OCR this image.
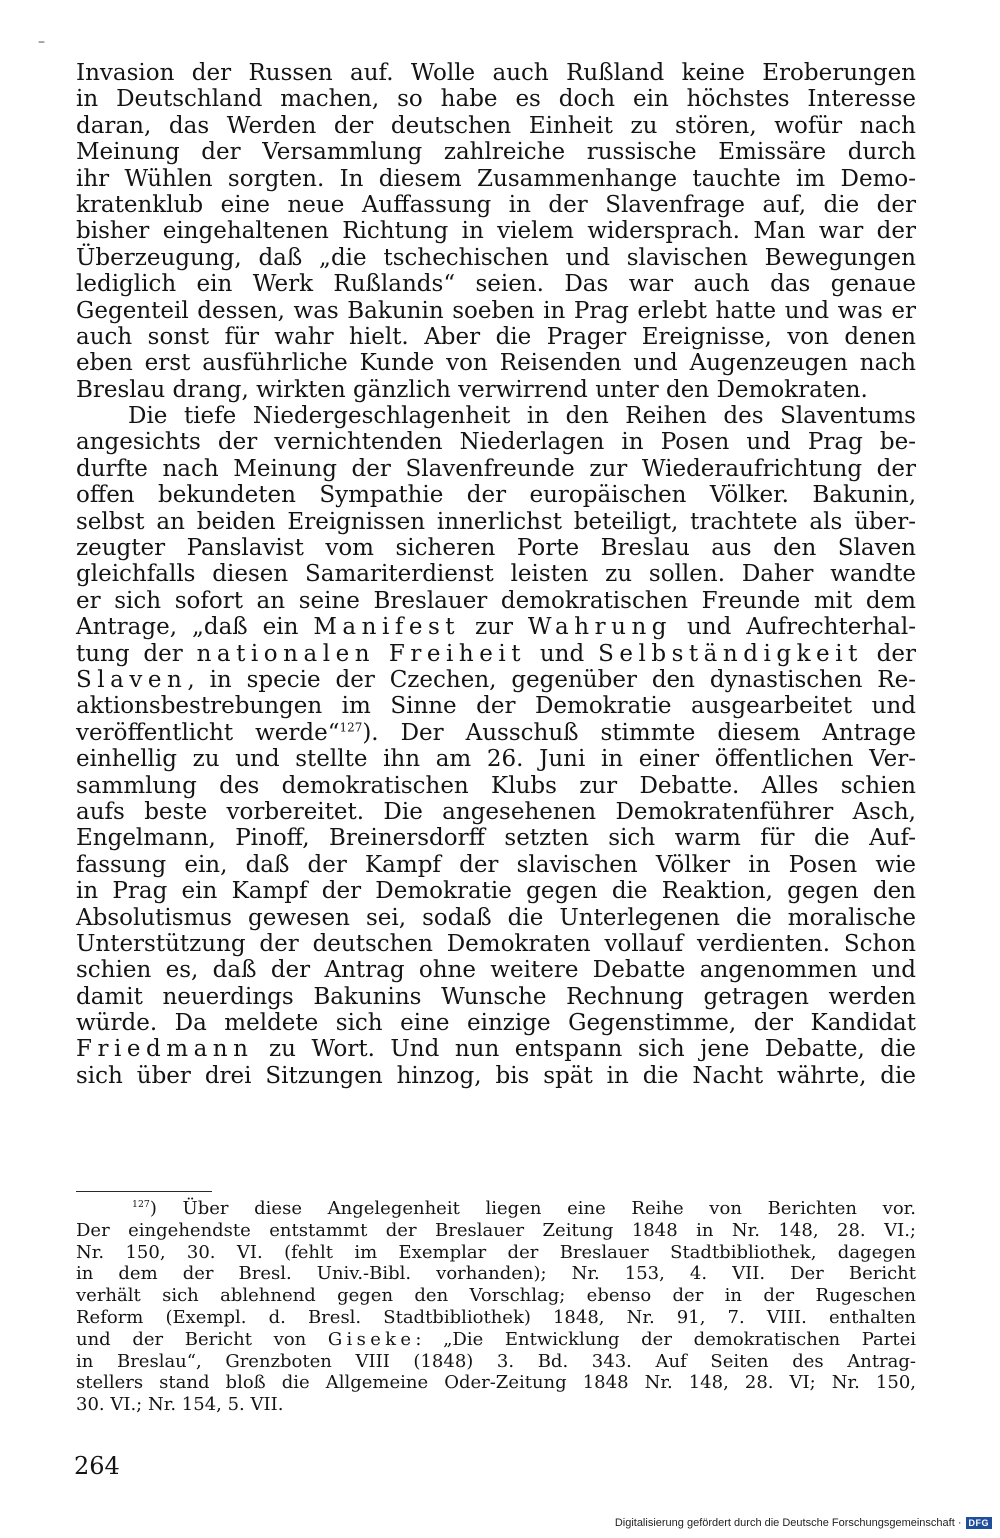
–
Invasion der Russen auf. Wolle auch Rußland keine Eroberungen
in Deutschland machen, so habe es doch ein höchstes Interesse
daran, das Werden der deutschen Einheit zu stören, wofür nach
Meinung der Versammlung zahlreiche russische Emissäre durch
ihr Wühlen sorgten. In diesem Zusammenhange tauchte im Demo-
kratenklub eine neue Auffassung in der Slavenfrage auf, die der
bisher eingehaltenen Richtung in vielem widersprach. Man war der
Überzeugung, daß „die tschechischen und slavischen Bewegungen
lediglich ein Werk Rußlands“ seien. Das war auch das genaue
Gegenteil dessen, was Bakunin soeben in Prag erlebt hatte und was er
auch sonst für wahr hielt. Aber die Prager Ereignisse, von denen
eben erst ausführliche Kunde von Reisenden und Augenzeugen nach
Breslau drang, wirkten gänzlich verwirrend unter den Demokraten.
Die tiefe Niedergeschlagenheit in den Reihen des Slaventums
angesichts der vernichtenden Niederlagen in Posen und Prag be-
durfte nach Meinung der Slavenfreunde zur Wiederaufrichtung der
offen bekundeten Sympathie der europäischen Völker. Bakunin,
selbst an beiden Ereignissen innerlichst beteiligt, trachtete als über-
zeugter Panslavist vom sicheren Porte Breslau aus den Slaven
gleichfalls diesen Samariterdienst leisten zu sollen. Daher wandte
er sich sofort an seine Breslauer demokratischen Freunde mit dem
Antrage, „daß ein Manifest zur Wahrung und Aufrechterhal-
tung der nationalen Freiheit und Selbständigkeit der
Slaven, in specie der Czechen, gegenüber den dynastischen Re-
aktionsbestrebungen im Sinne der Demokratie ausgearbeitet und
veröffentlicht werde“$^{127}$). Der Ausschuß stimmte diesem Antrage
einhellig zu und stellte ihn am 26. Juni in einer öffentlichen Ver-
sammlung des demokratischen Klubs zur Debatte. Alles schien
aufs beste vorbereitet. Die angesehenen Demokratenführer Asch,
Engelmann, Pinoff, Breinersdorff setzten sich warm für die Auf-
fassung ein, daß der Kampf der slavischen Völker in Posen wie
in Prag ein Kampf der Demokratie gegen die Reaktion, gegen den
Absolutismus gewesen sei, sodaß die Unterlegenen die moralische
Unterstützung der deutschen Demokraten vollauf verdienten. Schon
schien es, daß der Antrag ohne weitere Debatte angenommen und
damit neuerdings Bakunins Wunsche Rechnung getragen werden
würde. Da meldete sich eine einzige Gegenstimme, der Kandidat
Friedmann zu Wort. Und nun entspann sich jene Debatte, die
sich über drei Sitzungen hinzog, bis spät in die Nacht währte, die
$^{127}$) Über diese Angelegenheit liegen eine Reihe von Berichten vor.
Der eingehendste entstammt der Breslauer Zeitung 1848 in Nr. 148, 28. VI.;
Nr. 150, 30. VI. (fehlt im Exemplar der Breslauer Stadtbibliothek, dagegen
in dem der Bresl. Univ.-Bibl. vorhanden); Nr. 153, 4. VII. Der Bericht
verhält sich ablehnend gegen den Vorschlag; ebenso der in der Rugeschen
Reform (Exempl. d. Bresl. Stadtbibliothek) 1848, Nr. 91, 7. VIII. enthalten
und der Bericht von Giseke: „Die Entwicklung der demokratischen Partei
in Breslau“, Grenzboten VIII (1848) 3. Bd. 343. Auf Seiten des Antrag-
stellers stand bloß die Allgemeine Oder-Zeitung 1848 Nr. 148, 28. VI; Nr. 150,
30. VI.; Nr. 154, 5. VII.
264
Digitalisierung gefördert durch die Deutsche Forschungsgemeinschaft · DFG
